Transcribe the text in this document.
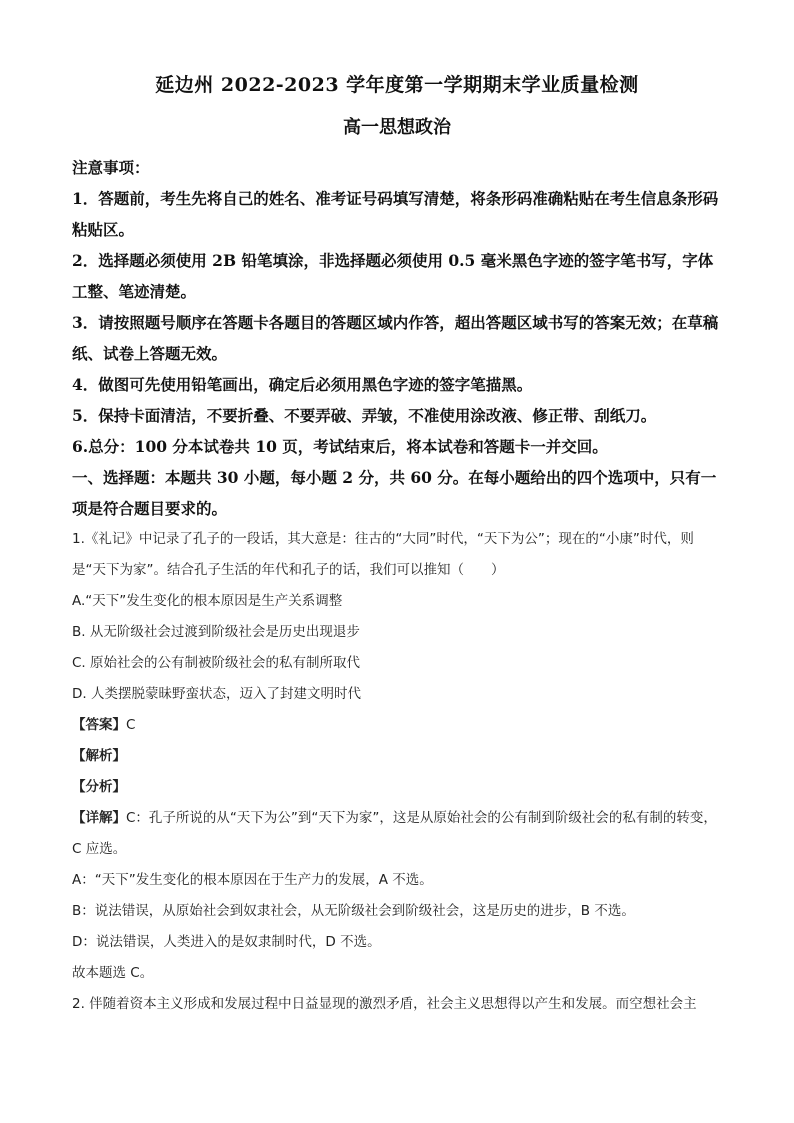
延边州 2022-2023 学年度第一学期期末学业质量检测
高一思想政治

注意事项：

1．答题前，考生先将自己的姓名、准考证号码填写清楚，将条形码准确粘贴在考生信息条形码粘贴区。

2．选择题必须使用 2B 铅笔填涂，非选择题必须使用 0.5 毫米黑色字迹的签字笔书写，字体工整、笔迹清楚。

3．请按照题号顺序在答题卡各题目的答题区域内作答，超出答题区域书写的答案无效；在草稿纸、试卷上答题无效。

4．做图可先使用铅笔画出，确定后必须用黑色字迹的签字笔描黑。

5．保持卡面清洁，不要折叠、不要弄破、弄皱，不准使用涂改液、修正带、刮纸刀。

6.总分：100 分本试卷共 10 页，考试结束后，将本试卷和答题卡一并交回。

一、选择题：本题共 30 小题，每小题 2 分，共 60 分。在每小题给出的四个选项中，只有一项是符合题目要求的。

1.《礼记》中记录了孔子的一段话，其大意是：往古的“大同”时代，“天下为公”；现在的“小康”时代，则是“天下为家”。结合孔子生活的年代和孔子的话，我们可以推知（　　）

A.“天下”发生变化的根本原因是生产关系调整

B. 从无阶级社会过渡到阶级社会是历史出现退步

C. 原始社会的公有制被阶级社会的私有制所取代

D. 人类摆脱蒙昧野蛮状态，迈入了封建文明时代

【答案】C

【解析】

【分析】

【详解】C：孔子所说的从“天下为公”到“天下为家”，这是从原始社会的公有制到阶级社会的私有制的转变，C 应选。

A：“天下”发生变化的根本原因在于生产力的发展，A 不选。

B：说法错误，从原始社会到奴隶社会，从无阶级社会到阶级社会，这是历史的进步，B 不选。

D：说法错误，人类进入的是奴隶制时代，D 不选。

故本题选 C。

2. 伴随着资本主义形成和发展过程中日益显现的激烈矛盾，社会主义思想得以产生和发展。而空想社会主
